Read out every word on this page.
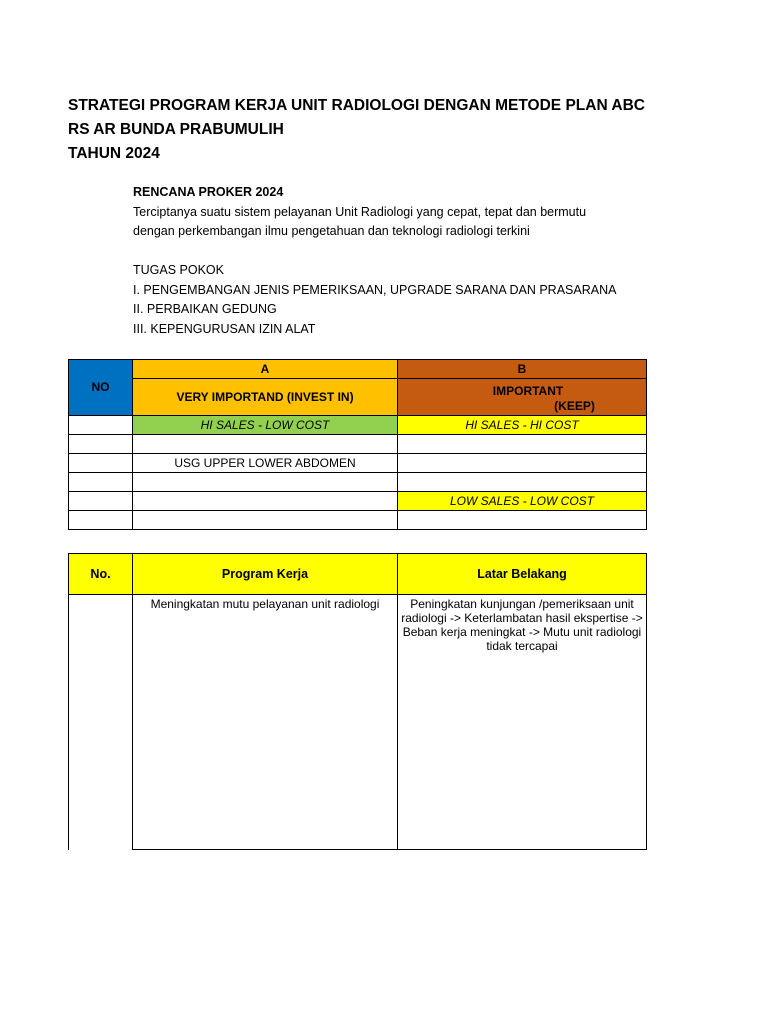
STRATEGI PROGRAM KERJA UNIT RADIOLOGI DENGAN METODE PLAN ABC
RS AR BUNDA PRABUMULIH
TAHUN 2024
RENCANA PROKER 2024
Terciptanya suatu sistem pelayanan Unit Radiologi yang cepat, tepat dan bermutu
dengan perkembangan ilmu pengetahuan dan teknologi radiologi terkini
TUGAS POKOK
I. PENGEMBANGAN JENIS PEMERIKSAAN, UPGRADE SARANA DAN PRASARANA
II. PERBAIKAN GEDUNG
III. KEPENGURUSAN IZIN ALAT
NO	A	B
	VERY IMPORTAND (INVEST IN)	IMPORTANT
(KEEP)

	HI SALES - LOW COST	HI SALES - HI COST

	USG UPPER LOWER ABDOMEN	

		LOW SALES - LOW COST

No.	Program Kerja	Latar Belakang
	Meningkatan mutu pelayanan unit radiologi	Peningkatan kunjungan /pemeriksaan unit radiologi -> Keterlambatan hasil ekspertise -> Beban kerja meningkat -> Mutu unit radiologi tidak tercapai
